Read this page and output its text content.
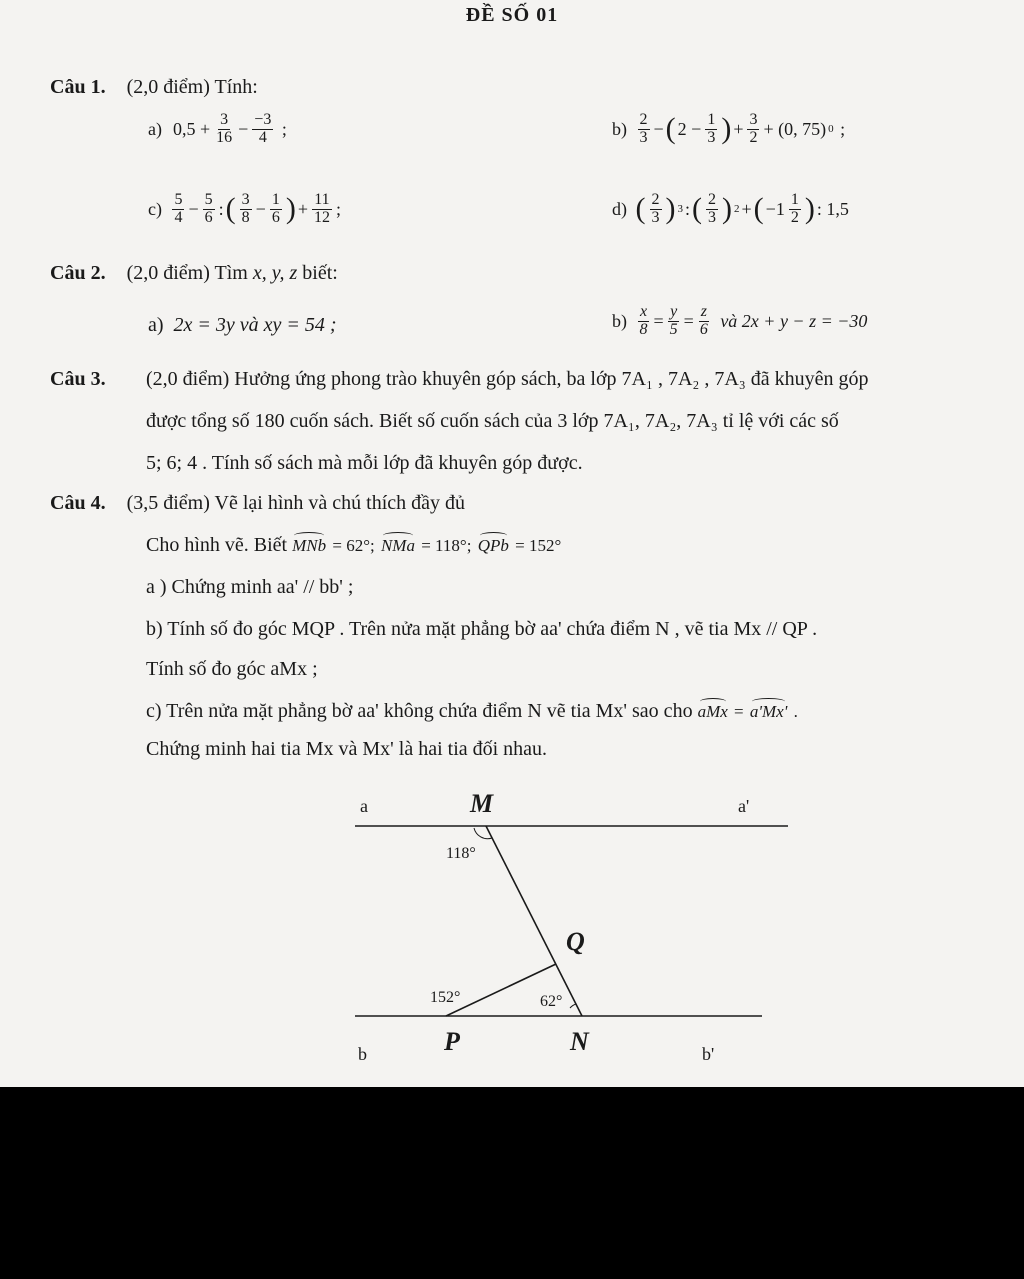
ĐỀ SỐ 01
Câu 1. (2,0 điểm) Tính:
a) $0,5 + \frac{3}{16} - \frac{-3}{4}$ ;	b)
$\frac{2}{3}$ − ( $2 - \frac{1}{3}$ ) + $\frac{3}{2} + (0$, 75) 0 ;
c)
$\frac{5}{4} - \frac{5}{6}$ : ( $\frac{3}{8} - \frac{1}{6}$ ) + $\frac{11}{12}$ ;	d)
( $\frac{2}{3}$ ) 3 : ( $\frac{2}{3}$ ) 2 + ( $-1 \frac{1}{2}$ ) : 1,5
Câu 2. (2,0 điểm) Tìm x, y, z biết:
a) 2x = 3y và xy = 54 ;	b)
$\frac{x}{8} = \frac{y}{5} = \frac{z}{6}$
và 2x + y − z = −30
Câu 3. (2,0 điểm) Hưởng ứng phong trào khuyên góp sách, ba lớp 7A₁ , 7A₂ , 7A₃ đã khuyên góp
được tổng số 180 cuốn sách. Biết số cuốn sách của 3 lớp 7A₁, 7A₂, 7A₃ tỉ lệ với các số
5; 6; 4 . Tính số sách mà mỗi lớp đã khuyên góp được.
Câu 4. (3,5 điểm) Vẽ lại hình và chú thích đầy đủ
Cho hình vẽ. Biết MNb = 62°; NMa = 118°; QPb = 152°
a ) Chứng minh aa' // bb' ;
b) Tính số đo góc MQP . Trên nửa mặt phẳng bờ aa' chứa điểm N , vẽ tia Mx // QP .
Tính số đo góc aMx ;
c) Trên nửa mặt phẳng bờ aa' không chứa điểm N vẽ tia Mx' sao cho aMx = a'Mx' .
Chứng minh hai tia Mx và Mx' là hai tia đối nhau.
a	M	a'
118°
Q
152°	62°
b	P	N	b'
